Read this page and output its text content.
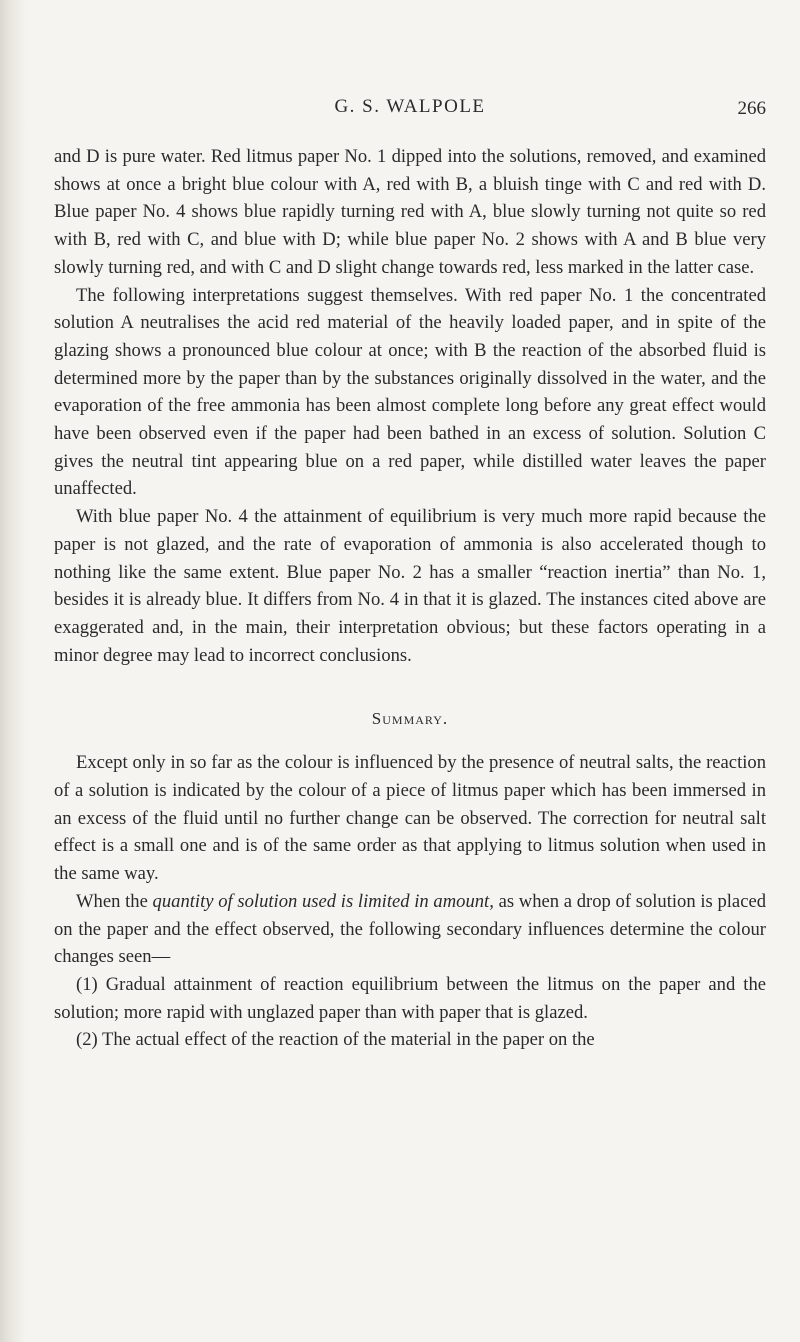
G. S. WALPOLE	266

and D is pure water. Red litmus paper No. 1 dipped into the solutions, removed, and examined shows at once a bright blue colour with A, red with B, a bluish tinge with C and red with D. Blue paper No. 4 shows blue rapidly turning red with A, blue slowly turning not quite so red with B, red with C, and blue with D; while blue paper No. 2 shows with A and B blue very slowly turning red, and with C and D slight change towards red, less marked in the latter case.

The following interpretations suggest themselves. With red paper No. 1 the concentrated solution A neutralises the acid red material of the heavily loaded paper, and in spite of the glazing shows a pronounced blue colour at once; with B the reaction of the absorbed fluid is determined more by the paper than by the substances originally dissolved in the water, and the evaporation of the free ammonia has been almost complete long before any great effect would have been observed even if the paper had been bathed in an excess of solution. Solution C gives the neutral tint appearing blue on a red paper, while distilled water leaves the paper unaffected.

With blue paper No. 4 the attainment of equilibrium is very much more rapid because the paper is not glazed, and the rate of evaporation of ammonia is also accelerated though to nothing like the same extent. Blue paper No. 2 has a smaller “reaction inertia” than No. 1, besides it is already blue. It differs from No. 4 in that it is glazed. The instances cited above are exaggerated and, in the main, their interpretation obvious; but these factors operating in a minor degree may lead to incorrect conclusions.

Summary.

Except only in so far as the colour is influenced by the presence of neutral salts, the reaction of a solution is indicated by the colour of a piece of litmus paper which has been immersed in an excess of the fluid until no further change can be observed. The correction for neutral salt effect is a small one and is of the same order as that applying to litmus solution when used in the same way.

When the quantity of solution used is limited in amount, as when a drop of solution is placed on the paper and the effect observed, the following secondary influences determine the colour changes seen—

(1) Gradual attainment of reaction equilibrium between the litmus on the paper and the solution; more rapid with unglazed paper than with paper that is glazed.

(2) The actual effect of the reaction of the material in the paper on the
